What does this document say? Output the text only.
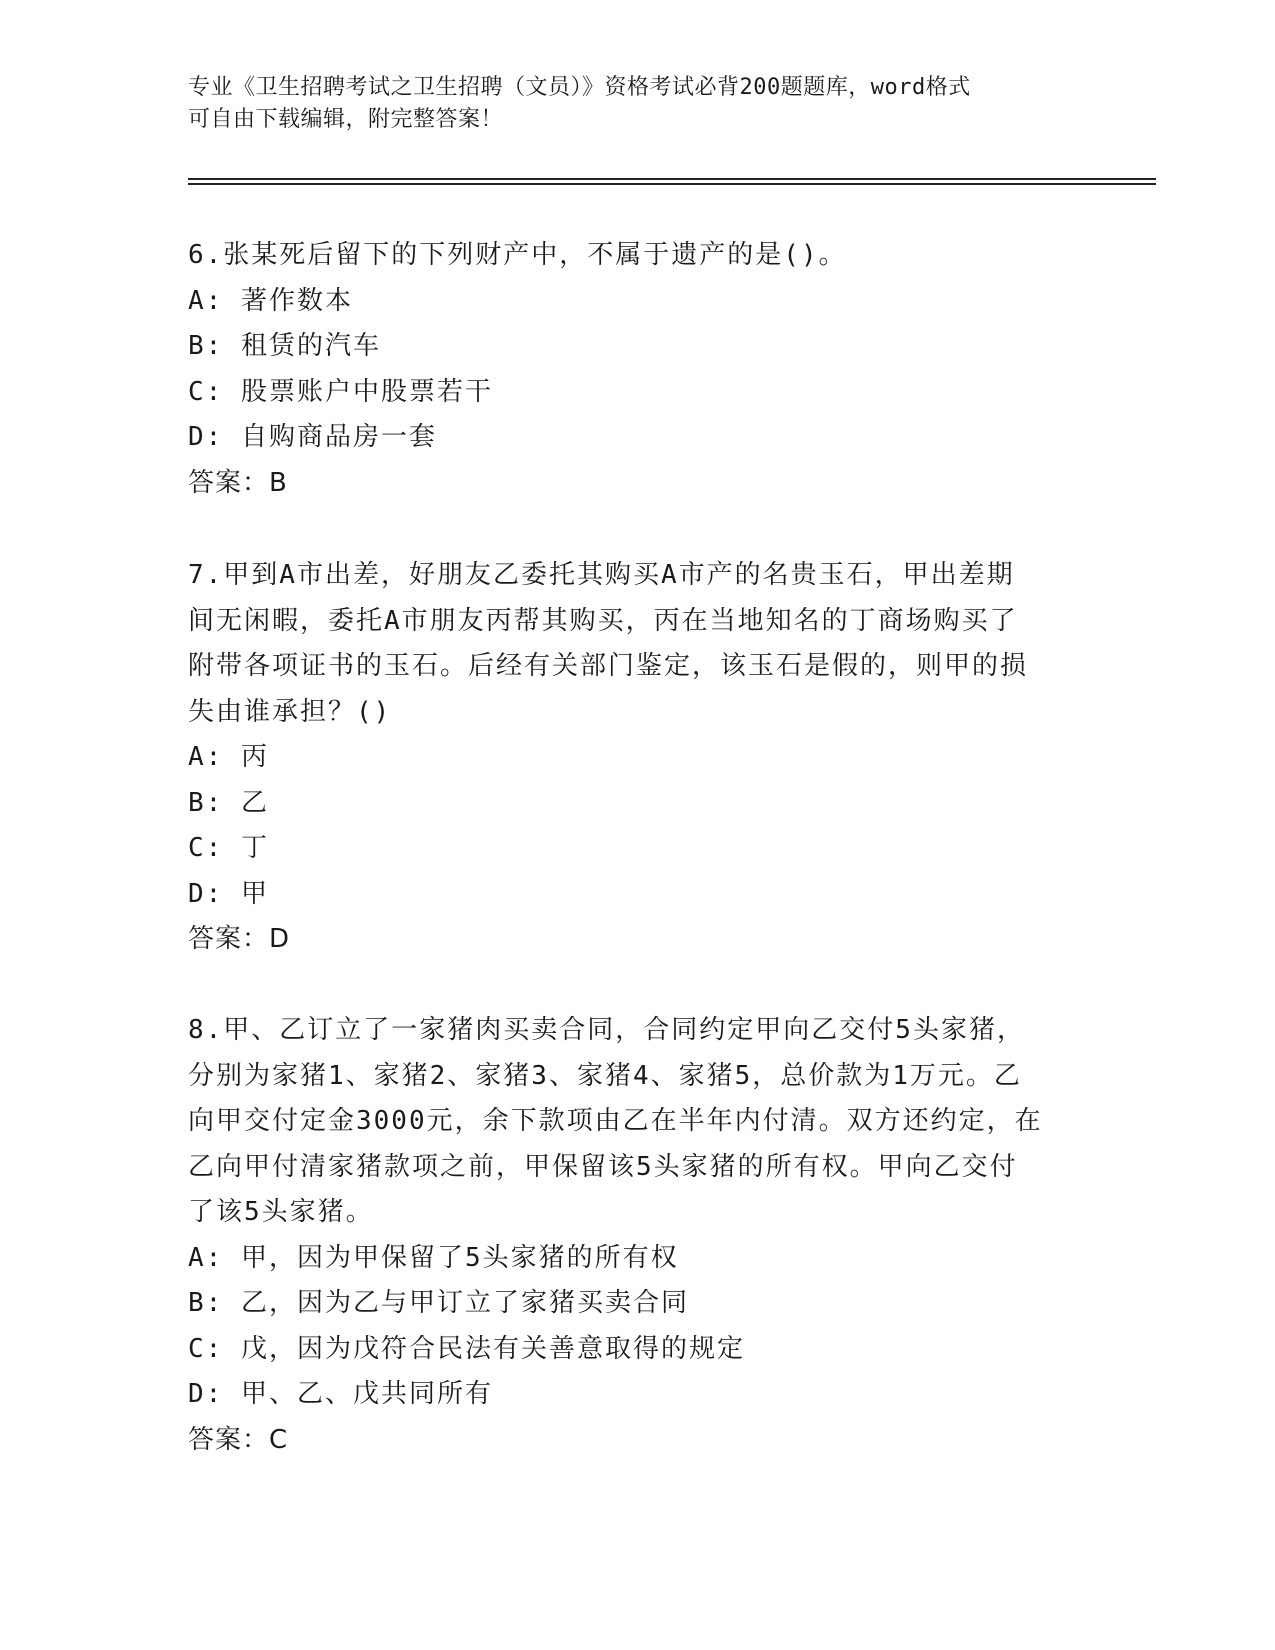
专业《卫生招聘考试之卫生招聘（文员）》资格考试必背200题题库，word格式
可自由下载编辑，附完整答案！
6.张某死后留下的下列财产中，不属于遗产的是()。
A: 著作数本
B: 租赁的汽车
C: 股票账户中股票若干
D: 自购商品房一套
答案：B
7.甲到A市出差，好朋友乙委托其购买A市产的名贵玉石，甲出差期
间无闲暇，委托A市朋友丙帮其购买，丙在当地知名的丁商场购买了
附带各项证书的玉石。后经有关部门鉴定，该玉石是假的，则甲的损
失由谁承担？()
A: 丙
B: 乙
C: 丁
D: 甲
答案：D
8.甲、乙订立了一家猪肉买卖合同，合同约定甲向乙交付5头家猪，
分别为家猪1、家猪2、家猪3、家猪4、家猪5，总价款为1万元。乙
向甲交付定金3000元，余下款项由乙在半年内付清。双方还约定，在
乙向甲付清家猪款项之前，甲保留该5头家猪的所有权。甲向乙交付
了该5头家猪。
A: 甲，因为甲保留了5头家猪的所有权
B: 乙，因为乙与甲订立了家猪买卖合同
C: 戊，因为戊符合民法有关善意取得的规定
D: 甲、乙、戊共同所有
答案：C
